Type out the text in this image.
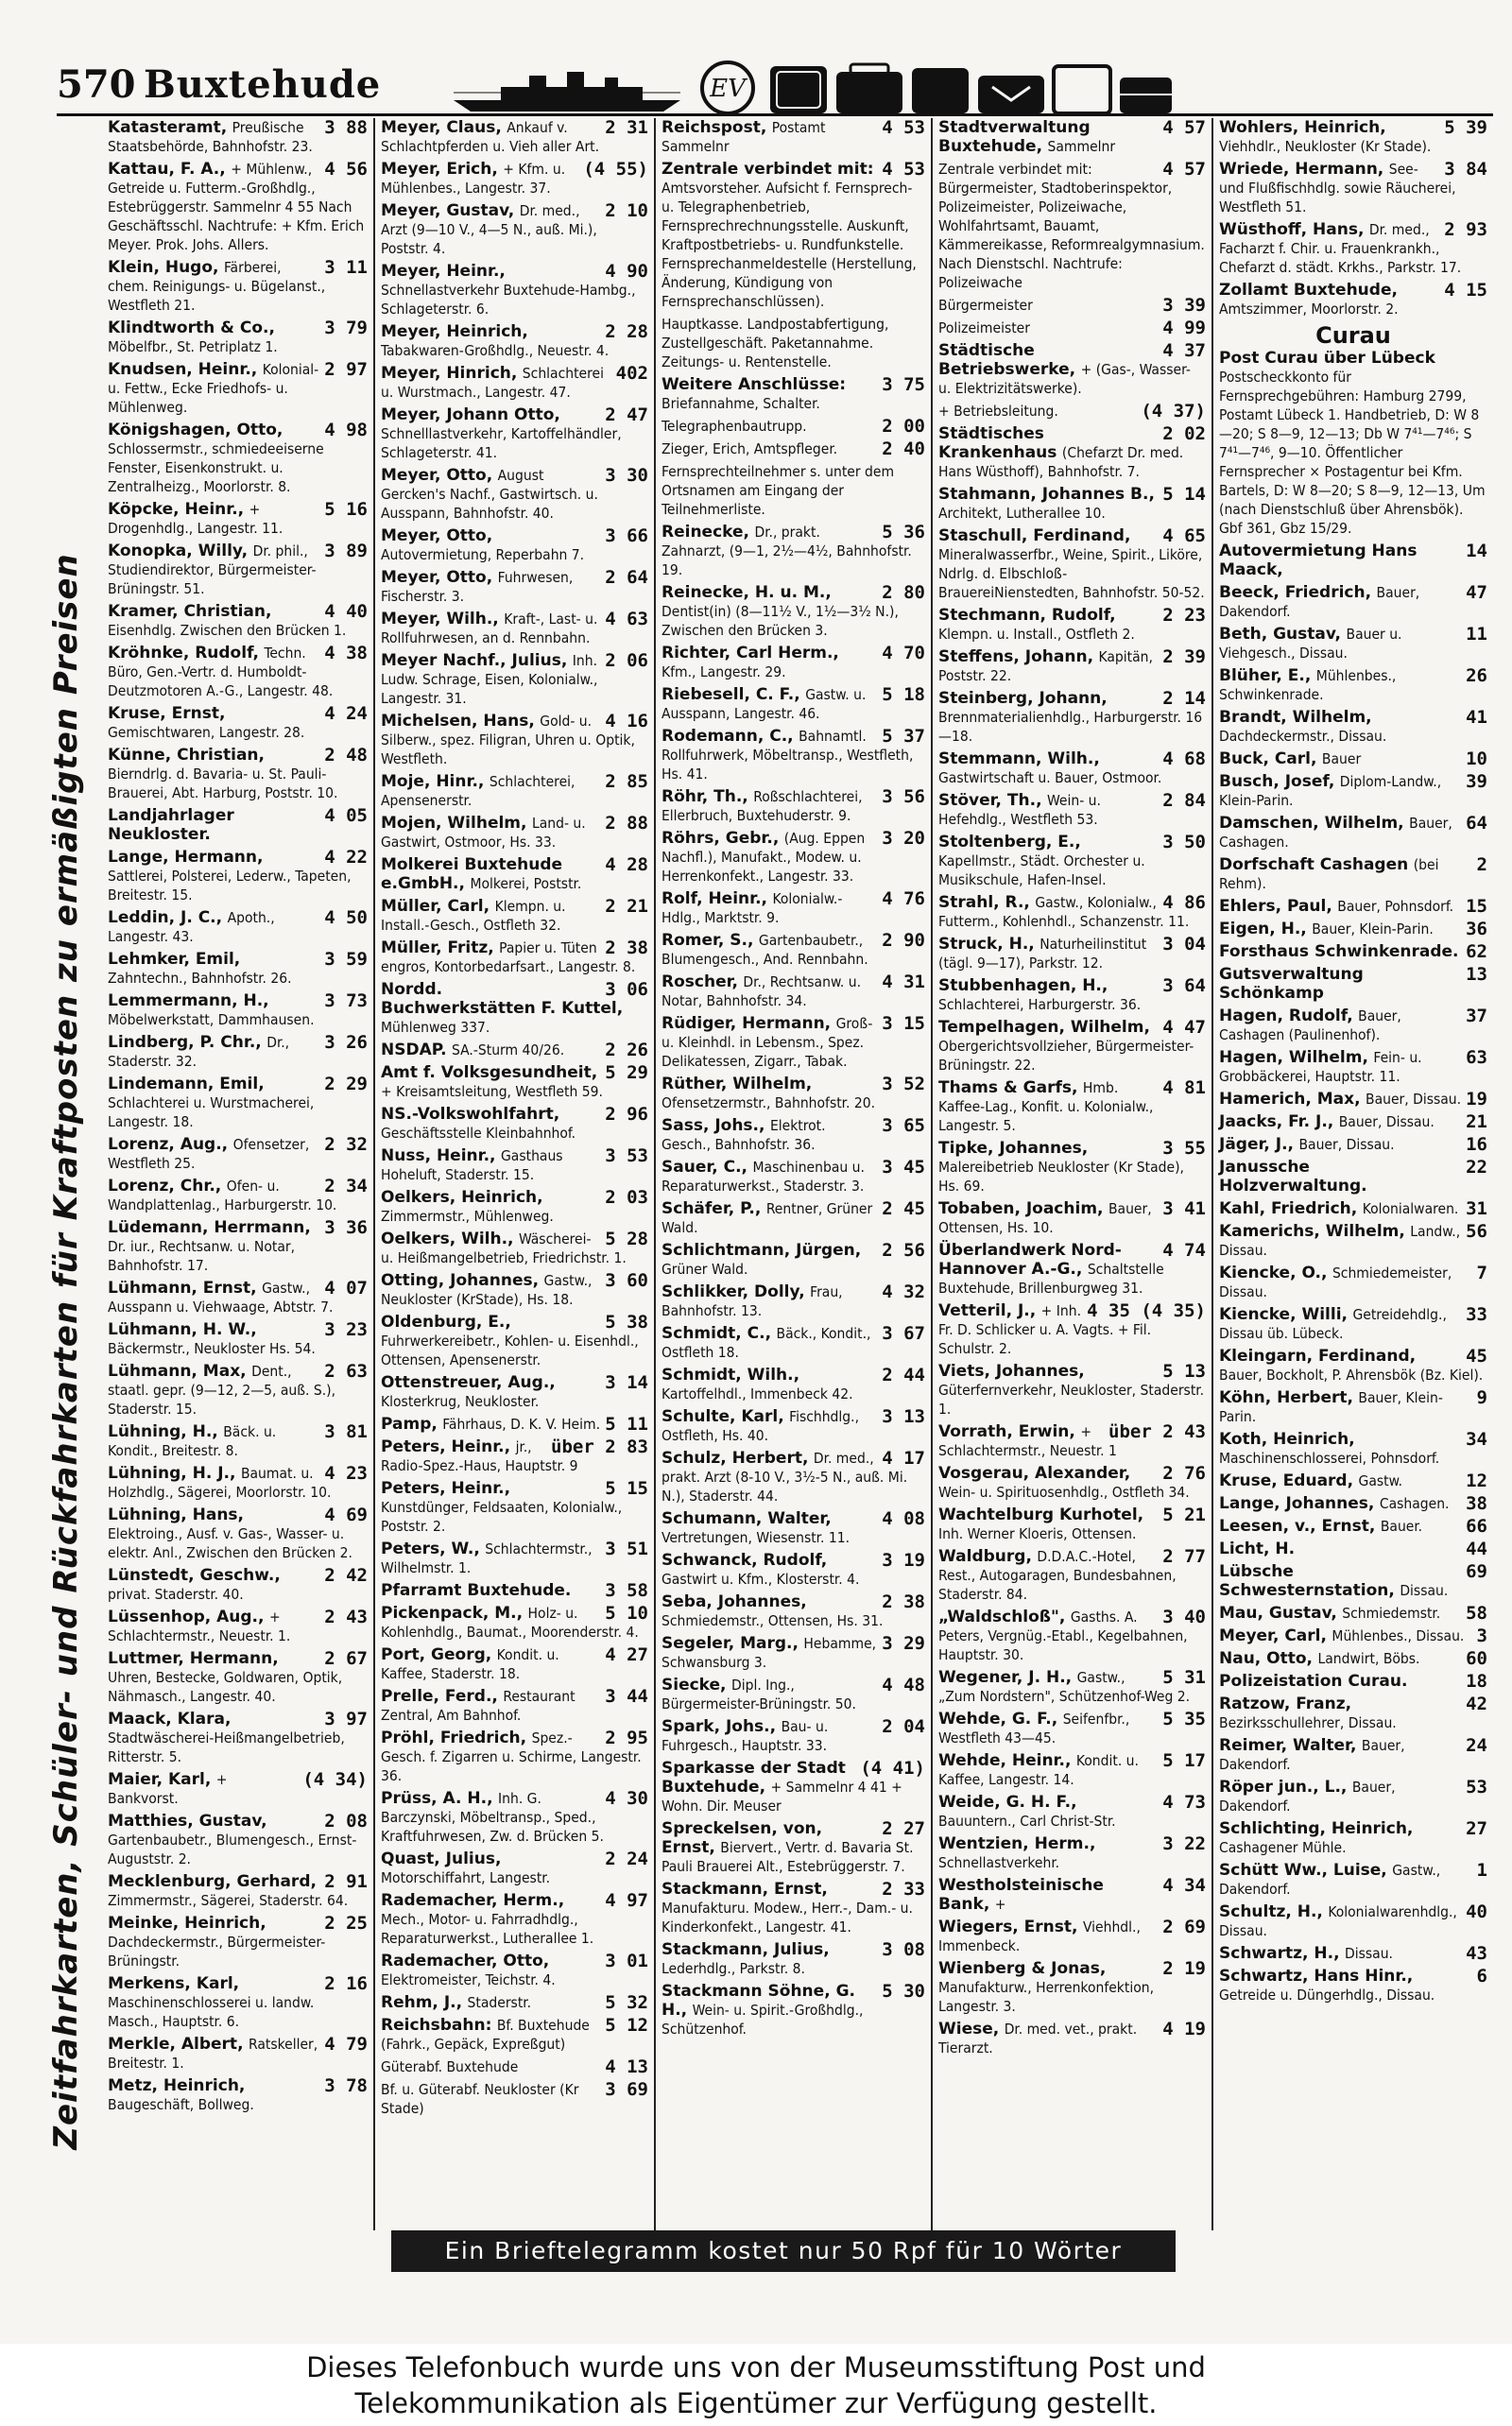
570 Buxtehude	EV
Zeitfahrkarten, Schüler- und Rückfahrkarten für Kraftposten zu ermäßigten Preisen
3 88
Katasteramt, Preußische Staatsbehörde, Bahnhofstr. 23.
4 56
Kattau, F. A., + Mühlenw., Getreide u. Futterm.-Großhdlg., Estebrüggerstr. Sammelnr 4 55 Nach Geschäftsschl. Nachtrufe: + Kfm. Erich Meyer. Prok. Johs. Allers.
3 11
Klein, Hugo, Färberei, chem. Reinigungs- u. Bügelanst., Westfleth 21.
3 79
Klindtworth & Co., Möbelfbr., St. Petriplatz 1.
2 97
Knudsen, Heinr., Kolonial- u. Fettw., Ecke Friedhofs- u. Mühlenweg.
4 98
Königshagen, Otto, Schlossermstr., schmiedeeiserne Fenster, Eisenkonstrukt. u. Zentralheizg., Moorlorstr. 8.
5 16
Köpcke, Heinr., + Drogenhdlg., Langestr. 11.
3 89
Konopka, Willy, Dr. phil., Studiendirektor, Bürgermeister-Brüningstr. 51.
4 40
Kramer, Christian, Eisenhdlg. Zwischen den Brücken 1.
4 38
Kröhnke, Rudolf, Techn. Büro, Gen.-Vertr. d. Humboldt-Deutzmotoren A.-G., Langestr. 48.
4 24
Kruse, Ernst, Gemischtwaren, Langestr. 28.
2 48
Künne, Christian, Bierndrlg. d. Bavaria- u. St. Pauli-Brauerei, Abt. Harburg, Poststr. 10.
4 05
Landjahrlager Neukloster.
4 22
Lange, Hermann, Sattlerei, Polsterei, Lederw., Tapeten, Breitestr. 15.
4 50
Leddin, J. C., Apoth., Langestr. 43.
3 59
Lehmker, Emil, Zahntechn., Bahnhofstr. 26.
3 73
Lemmermann, H., Möbelwerkstatt, Dammhausen.
3 26
Lindberg, P. Chr., Dr., Staderstr. 32.
2 29
Lindemann, Emil, Schlachterei u. Wurstmacherei, Langestr. 18.
2 32
Lorenz, Aug., Ofensetzer, Westfleth 25.
2 34
Lorenz, Chr., Ofen- u. Wandplattenlag., Harburgerstr. 10.
3 36
Lüdemann, Herrmann, Dr. iur., Rechtsanw. u. Notar, Bahnhofstr. 17.
4 07
Lühmann, Ernst, Gastw., Ausspann u. Viehwaage, Abtstr. 7.
3 23
Lühmann, H. W., Bäckermstr., Neukloster Hs. 54.
2 63
Lühmann, Max, Dent., staatl. gepr. (9—12, 2—5, auß. S.), Staderstr. 15.
3 81
Lühning, H., Bäck. u. Kondit., Breitestr. 8.
4 23
Lühning, H. J., Baumat. u. Holzhdlg., Sägerei, Moorlorstr. 10.
4 69
Lühning, Hans, Elektroing., Ausf. v. Gas-, Wasser- u. elektr. Anl., Zwischen den Brücken 2.
2 42
Lünstedt, Geschw., privat. Staderstr. 40.
2 43
Lüssenhop, Aug., + Schlachtermstr., Neuestr. 1.
2 67
Luttmer, Hermann, Uhren, Bestecke, Goldwaren, Optik, Nähmasch., Langestr. 40.
3 97
Maack, Klara, Stadtwäscherei-Heißmangelbetrieb, Ritterstr. 5.
(4 34)
Maier, Karl, + Bankvorst.
2 08
Matthies, Gustav, Gartenbaubetr., Blumengesch., Ernst-Auguststr. 2.
2 91
Mecklenburg, Gerhard, Zimmermstr., Sägerei, Staderstr. 64.
2 25
Meinke, Heinrich, Dachdeckermstr., Bürgermeister-Brüningstr.
2 16
Merkens, Karl, Maschinenschlosserei u. landw. Masch., Hauptstr. 6.
4 79
Merkle, Albert, Ratskeller, Breitestr. 1.
3 78
Metz, Heinrich, Baugeschäft, Bollweg.
2 31
Meyer, Claus, Ankauf v. Schlachtpferden u. Vieh aller Art.
(4 55)
Meyer, Erich, + Kfm. u. Mühlenbes., Langestr. 37.
2 10
Meyer, Gustav, Dr. med., Arzt (9—10 V., 4—5 N., auß. Mi.), Poststr. 4.
4 90
Meyer, Heinr., Schnellastverkehr Buxtehude-Hambg., Schlageterstr. 6.
2 28
Meyer, Heinrich, Tabakwaren-Großhdlg., Neuestr. 4.
402
Meyer, Hinrich, Schlachterei u. Wurstmach., Langestr. 47.
2 47
Meyer, Johann Otto, Schnelllastverkehr, Kartoffelhändler, Schlageterstr. 41.
3 30
Meyer, Otto, August Gercken's Nachf., Gastwirtsch. u. Ausspann, Bahnhofstr. 40.
3 66
Meyer, Otto, Autovermietung, Reperbahn 7.
2 64
Meyer, Otto, Fuhrwesen, Fischerstr. 3.
4 63
Meyer, Wilh., Kraft-, Last- u. Rollfuhrwesen, an d. Rennbahn.
2 06
Meyer Nachf., Julius, Inh. Ludw. Schrage, Eisen, Kolonialw., Langestr. 31.
4 16
Michelsen, Hans, Gold- u. Silberw., spez. Filigran, Uhren u. Optik, Westfleth.
2 85
Moje, Hinr., Schlachterei, Apensenerstr.
2 88
Mojen, Wilhelm, Land- u. Gastwirt, Ostmoor, Hs. 33.
4 28
Molkerei Buxtehude e.GmbH., Molkerei, Poststr.
2 21
Müller, Carl, Klempn. u. Install.-Gesch., Ostfleth 32.
2 38
Müller, Fritz, Papier u. Tüten engros, Kontorbedarfsart., Langestr. 8.
3 06
Nordd. Buchwerkstätten F. Kuttel, Mühlenweg 337.
2 26
NSDAP. SA.-Sturm 40/26.
5 29
Amt f. Volksgesundheit, + Kreisamtsleitung, Westfleth 59.
2 96
NS.-Volkswohlfahrt, Geschäftsstelle Kleinbahnhof.
3 53
Nuss, Heinr., Gasthaus Hoheluft, Staderstr. 15.
2 03
Oelkers, Heinrich, Zimmermstr., Mühlenweg.
5 28
Oelkers, Wilh., Wäscherei- u. Heißmangelbetrieb, Friedrichstr. 1.
3 60
Otting, Johannes, Gastw., Neukloster (KrStade), Hs. 18.
5 38
Oldenburg, E., Fuhrwerkereibetr., Kohlen- u. Eisenhdl., Ottensen, Apensenerstr.
3 14
Ottenstreuer, Aug., Klosterkrug, Neukloster.
5 11
Pamp, Fährhaus, D. K. V. Heim.
über 2 83
Peters, Heinr., jr., Radio-Spez.-Haus, Hauptstr. 9
5 15
Peters, Heinr., Kunstdünger, Feldsaaten, Kolonialw., Poststr. 2.
3 51
Peters, W., Schlachtermstr., Wilhelmstr. 1.
3 58
Pfarramt Buxtehude.
5 10
Pickenpack, M., Holz- u. Kohlenhdlg., Baumat., Moorenderstr. 4.
4 27
Port, Georg, Kondit. u. Kaffee, Staderstr. 18.
3 44
Prelle, Ferd., Restaurant Zentral, Am Bahnhof.
2 95
Pröhl, Friedrich, Spez.-Gesch. f. Zigarren u. Schirme, Langestr. 36.
4 30
Prüss, A. H., Inh. G. Barczynski, Möbeltransp., Sped., Kraftfuhrwesen, Zw. d. Brücken 5.
2 24
Quast, Julius, Motorschiffahrt, Langestr.
4 97
Rademacher, Herm., Mech., Motor- u. Fahrradhdlg., Reparaturwerkst., Lutherallee 1.
3 01
Rademacher, Otto, Elektromeister, Teichstr. 4.
5 32
Rehm, J., Staderstr.
5 12
Reichsbahn: Bf. Buxtehude (Fahrk., Gepäck, Expreßgut)
4 13
Güterabf. Buxtehude
3 69
Bf. u. Güterabf. Neukloster (Kr Stade)
4 53
Reichspost, Postamt Sammelnr
4 53
Zentrale verbindet mit: Amtsvorsteher. Aufsicht f. Fernsprech- u. Telegraphenbetrieb, Fernsprechrechnungsstelle. Auskunft, Kraftpostbetriebs- u. Rundfunkstelle. Fernsprechanmeldestelle (Herstellung, Änderung, Kündigung von Fernsprechanschlüssen).
Hauptkasse. Landpostabfertigung, Zustellgeschäft. Paketannahme. Zeitungs- u. Rentenstelle.
3 75
Weitere Anschlüsse: Briefannahme, Schalter.
2 00
Telegraphenbautrupp.
2 40
Zieger, Erich, Amtspfleger.
Fernsprechteilnehmer s. unter dem Ortsnamen am Eingang der Teilnehmerliste.
5 36
Reinecke, Dr., prakt. Zahnarzt, (9—1, 2½—4½, Bahnhofstr. 19.
2 80
Reinecke, H. u. M., Dentist(in) (8—11½ V., 1½—3½ N.), Zwischen den Brücken 3.
4 70
Richter, Carl Herm., Kfm., Langestr. 29.
5 18
Riebesell, C. F., Gastw. u. Ausspann, Langestr. 46.
5 37
Rodemann, C., Bahnamtl. Rollfuhrwerk, Möbeltransp., Westfleth, Hs. 41.
3 56
Röhr, Th., Roßschlachterei, Ellerbruch, Buxtehuderstr. 9.
3 20
Röhrs, Gebr., (Aug. Eppen Nachfl.), Manufakt., Modew. u. Herrenkonfekt., Langestr. 33.
4 76
Rolf, Heinr., Kolonialw.-Hdlg., Marktstr. 9.
2 90
Romer, S., Gartenbaubetr., Blumengesch., And. Rennbahn.
4 31
Roscher, Dr., Rechtsanw. u. Notar, Bahnhofstr. 34.
3 15
Rüdiger, Hermann, Groß- u. Kleinhdl. in Lebensm., Spez. Delikatessen, Zigarr., Tabak.
3 52
Rüther, Wilhelm, Ofensetzermstr., Bahnhofstr. 20.
3 65
Sass, Johs., Elektrot. Gesch., Bahnhofstr. 36.
3 45
Sauer, C., Maschinenbau u. Reparaturwerkst., Staderstr. 3.
2 45
Schäfer, P., Rentner, Grüner Wald.
2 56
Schlichtmann, Jürgen, Grüner Wald.
4 32
Schlikker, Dolly, Frau, Bahnhofstr. 13.
3 67
Schmidt, C., Bäck., Kondit., Ostfleth 18.
2 44
Schmidt, Wilh., Kartoffelhdl., Immenbeck 42.
3 13
Schulte, Karl, Fischhdlg., Ostfleth, Hs. 40.
4 17
Schulz, Herbert, Dr. med., prakt. Arzt (8-10 V., 3½-5 N., auß. Mi. N.), Staderstr. 44.
4 08
Schumann, Walter, Vertretungen, Wiesenstr. 11.
3 19
Schwanck, Rudolf, Gastwirt u. Kfm., Klosterstr. 4.
2 38
Seba, Johannes, Schmiedemstr., Ottensen, Hs. 31.
3 29
Segeler, Marg., Hebamme, Schwansburg 3.
4 48
Siecke, Dipl. Ing., Bürgermeister-Brüningstr. 50.
2 04
Spark, Johs., Bau- u. Fuhrgesch., Hauptstr. 33.
(4 41)
Sparkasse der Stadt Buxtehude, + Sammelnr 4 41 + Wohn. Dir. Meuser
2 27
Spreckelsen, von, Ernst, Biervert., Vertr. d. Bavaria St. Pauli Brauerei Alt., Estebrüggerstr. 7.
2 33
Stackmann, Ernst, Manufakturu. Modew., Herr.-, Dam.- u. Kinderkonfekt., Langestr. 41.
3 08
Stackmann, Julius, Lederhdlg., Parkstr. 8.
5 30
Stackmann Söhne, G. H., Wein- u. Spirit.-Großhdlg., Schützenhof.
4 57
Stadtverwaltung Buxtehude, Sammelnr
4 57
Zentrale verbindet mit: Bürgermeister, Stadtoberinspektor, Polizeimeister, Polizeiwache, Wohlfahrtsamt, Bauamt, Kämmereikasse, Reformrealgymnasium. Nach Dienstschl. Nachtrufe: Polizeiwache
3 39
Bürgermeister
4 99
Polizeimeister
4 37
Städtische Betriebswerke, + (Gas-, Wasser- u. Elektrizitätswerke).
(4 37)
+ Betriebsleitung.
2 02
Städtisches Krankenhaus (Chefarzt Dr. med. Hans Wüsthoff), Bahnhofstr. 7.
5 14
Stahmann, Johannes B., Architekt, Lutherallee 10.
4 65
Staschull, Ferdinand, Mineralwasserfbr., Weine, Spirit., Liköre, Ndrlg. d. Elbschloß-BrauereiNienstedten, Bahnhofstr. 50-52.
2 23
Stechmann, Rudolf, Klempn. u. Install., Ostfleth 2.
2 39
Steffens, Johann, Kapitän, Poststr. 22.
2 14
Steinberg, Johann, Brennmaterialienhdlg., Harburgerstr. 16—18.
4 68
Stemmann, Wilh., Gastwirtschaft u. Bauer, Ostmoor.
2 84
Stöver, Th., Wein- u. Hefehdlg., Westfleth 53.
3 50
Stoltenberg, E., Kapellmstr., Städt. Orchester u. Musikschule, Hafen-Insel.
4 86
Strahl, R., Gastw., Kolonialw., Futterm., Kohlenhdl., Schanzenstr. 11.
3 04
Struck, H., Naturheilinstitut (tägl. 9—17), Parkstr. 12.
3 64
Stubbenhagen, H., Schlachterei, Harburgerstr. 36.
4 47
Tempelhagen, Wilhelm, Obergerichtsvollzieher, Bürgermeister-Brüningstr. 22.
4 81
Thams & Garfs, Hmb. Kaffee-Lag., Konfit. u. Kolonialw., Langestr. 5.
3 55
Tipke, Johannes, Malereibetrieb Neukloster (Kr Stade), Hs. 69.
3 41
Tobaben, Joachim, Bauer, Ottensen, Hs. 10.
4 74
Überlandwerk Nord-Hannover A.-G., Schaltstelle Buxtehude, Brillenburgweg 31.
4 35 (4 35)
Vetteril, J., + Inh. Fr. D. Schlicker u. A. Vagts. + Fil. Schulstr. 2.
5 13
Viets, Johannes, Güterfernverkehr, Neukloster, Staderstr. 1.
über 2 43
Vorrath, Erwin, + Schlachtermstr., Neuestr. 1
2 76
Vosgerau, Alexander, Wein- u. Spirituosenhdlg., Ostfleth 34.
5 21
Wachtelburg Kurhotel, Inh. Werner Kloeris, Ottensen.
2 77
Waldburg, D.D.A.C.-Hotel, Rest., Autogaragen, Bundesbahnen, Staderstr. 84.
3 40
„Waldschloß", Gasths. A. Peters, Vergnüg.-Etabl., Kegelbahnen, Hauptstr. 30.
5 31
Wegener, J. H., Gastw., „Zum Nordstern", Schützenhof-Weg 2.
5 35
Wehde, G. F., Seifenfbr., Westfleth 43—45.
5 17
Wehde, Heinr., Kondit. u. Kaffee, Langestr. 14.
4 73
Weide, G. H. F., Bauuntern., Carl Christ-Str.
3 22
Wentzien, Herm., Schnellastverkehr.
4 34
Westholsteinische Bank, +
2 69
Wiegers, Ernst, Viehhdl., Immenbeck.
2 19
Wienberg & Jonas, Manufakturw., Herrenkonfektion, Langestr. 3.
4 19
Wiese, Dr. med. vet., prakt. Tierarzt.
5 39
Wohlers, Heinrich, Viehhdlr., Neukloster (Kr Stade).
3 84
Wriede, Hermann, See- und Flußfischhdlg. sowie Räucherei, Westfleth 51.
2 93
Wüsthoff, Hans, Dr. med., Facharzt f. Chir. u. Frauenkrankh., Chefarzt d. städt. Krkhs., Parkstr. 17.
4 15
Zollamt Buxtehude, Amtszimmer, Moorlorstr. 2.
Curau
Post Curau über Lübeck Postscheckkonto für Fernsprechgebühren: Hamburg 2799, Postamt Lübeck 1. Handbetrieb, D: W 8—20; S 8—9, 12—13; Db W 7⁴¹—7⁴⁶; S 7⁴¹—7⁴⁶, 9—10. Öffentlicher Fernsprecher × Postagentur bei Kfm. Bartels, D: W 8—20; S 8—9, 12—13, Um (nach Dienstschluß über Ahrensbök). Gbf 361, Gbz 15/29.
14
Autovermietung Hans Maack,
47
Beeck, Friedrich, Bauer, Dakendorf.
11
Beth, Gustav, Bauer u. Viehgesch., Dissau.
26
Blüher, E., Mühlenbes., Schwinkenrade.
41
Brandt, Wilhelm, Dachdeckermstr., Dissau.
10
Buck, Carl, Bauer
39
Busch, Josef, Diplom-Landw., Klein-Parin.
64
Damschen, Wilhelm, Bauer, Cashagen.
2
Dorfschaft Cashagen (bei Rehm).
15
Ehlers, Paul, Bauer, Pohnsdorf.
36
Eigen, H., Bauer, Klein-Parin.
62
Forsthaus Schwinkenrade.
13
Gutsverwaltung Schönkamp
37
Hagen, Rudolf, Bauer, Cashagen (Paulinenhof).
63
Hagen, Wilhelm, Fein- u. Grobbäckerei, Hauptstr. 11.
19
Hamerich, Max, Bauer, Dissau.
21
Jaacks, Fr. J., Bauer, Dissau.
16
Jäger, J., Bauer, Dissau.
22
Janussche Holzverwaltung.
31
Kahl, Friedrich, Kolonialwaren.
56
Kamerichs, Wilhelm, Landw., Dissau.
7
Kiencke, O., Schmiedemeister, Dissau.
33
Kiencke, Willi, Getreidehdlg., Dissau üb. Lübeck.
45
Kleingarn, Ferdinand, Bauer, Bockholt, P. Ahrensbök (Bz. Kiel).
9
Köhn, Herbert, Bauer, Klein-Parin.
34
Koth, Heinrich, Maschinenschlosserei, Pohnsdorf.
12
Kruse, Eduard, Gastw.
38
Lange, Johannes, Cashagen.
66
Leesen, v., Ernst, Bauer.
44
Licht, H.
69
Lübsche Schwesternstation, Dissau.
58
Mau, Gustav, Schmiedemstr.
3
Meyer, Carl, Mühlenbes., Dissau.
60
Nau, Otto, Landwirt, Böbs.
18
Polizeistation Curau.
42
Ratzow, Franz, Bezirksschullehrer, Dissau.
24
Reimer, Walter, Bauer, Dakendorf.
53
Röper jun., L., Bauer, Dakendorf.
27
Schlichting, Heinrich, Cashagener Mühle.
1
Schütt Ww., Luise, Gastw., Dakendorf.
40
Schultz, H., Kolonialwarenhdlg., Dissau.
43
Schwartz, H., Dissau.
6
Schwartz, Hans Hinr., Getreide u. Düngerhdlg., Dissau.
Ein Brieftelegramm kostet nur 50 Rpf für 10 Wörter
Dieses Telefonbuch wurde uns von der Museumsstiftung Post und
Telekommunikation als Eigentümer zur Verfügung gestellt.
